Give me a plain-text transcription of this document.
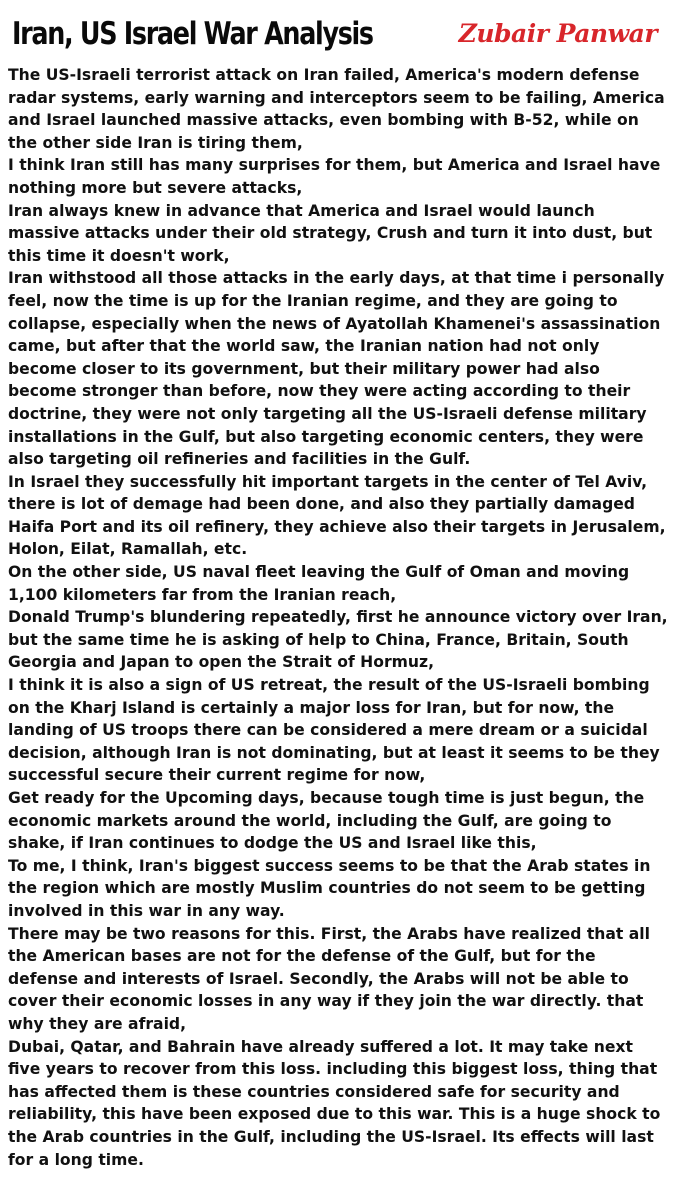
Iran, US Israel War Analysis	Zubair Panwar

The US-Israeli terrorist attack on Iran failed, America's modern defense radar systems, early warning and interceptors seem to be failing, America and Israel launched massive attacks, even bombing with B-52, while on the other side Iran is tiring them,

I think Iran still has many surprises for them, but America and Israel have nothing more but severe attacks,

Iran always knew in advance that America and Israel would launch massive attacks under their old strategy, Crush and turn it into dust, but this time it doesn't work,

Iran withstood all those attacks in the early days, at that time i personally feel, now the time is up for the Iranian regime, and they are going to collapse, especially when the news of Ayatollah Khamenei's assassination came, but after that the world saw, the Iranian nation had not only become closer to its government, but their military power had also become stronger than before, now they were acting according to their doctrine, they were not only targeting all the US-Israeli defense military installations in the Gulf, but also targeting economic centers, they were also targeting oil refineries and facilities in the Gulf.

In Israel they successfully hit important targets in the center of Tel Aviv, there is lot of demage had been done, and also they partially damaged Haifa Port and its oil refinery, they achieve also their targets in Jerusalem, Holon, Eilat, Ramallah, etc.

On the other side, US naval fleet leaving the Gulf of Oman and moving 1,100 kilometers far from the Iranian reach,

Donald Trump's blundering repeatedly, first he announce victory over Iran, but the same time he is asking of help to China, France, Britain, South Georgia and Japan to open the Strait of Hormuz,

I think it is also a sign of US retreat, the result of the US-Israeli bombing on the Kharj Island is certainly a major loss for Iran, but for now, the landing of US troops there can be considered a mere dream or a suicidal decision, although Iran is not dominating, but at least it seems to be they successful secure their current regime for now,

Get ready for the Upcoming days, because tough time is just begun, the economic markets around the world, including the Gulf, are going to shake, if Iran continues to dodge the US and Israel like this,

To me, I think, Iran's biggest success seems to be that the Arab states in the region which are mostly Muslim countries do not seem to be getting involved in this war in any way.

There may be two reasons for this. First, the Arabs have realized that all the American bases are not for the defense of the Gulf, but for the defense and interests of Israel. Secondly, the Arabs will not be able to cover their economic losses in any way if they join the war directly. that why they are afraid,

Dubai, Qatar, and Bahrain have already suffered a lot. It may take next five years to recover from this loss. including this biggest loss, thing that has affected them is these countries considered safe for security and reliability, this have been exposed due to this war. This is a huge shock to the Arab countries in the Gulf, including the US-Israel. Its effects will last for a long time.
